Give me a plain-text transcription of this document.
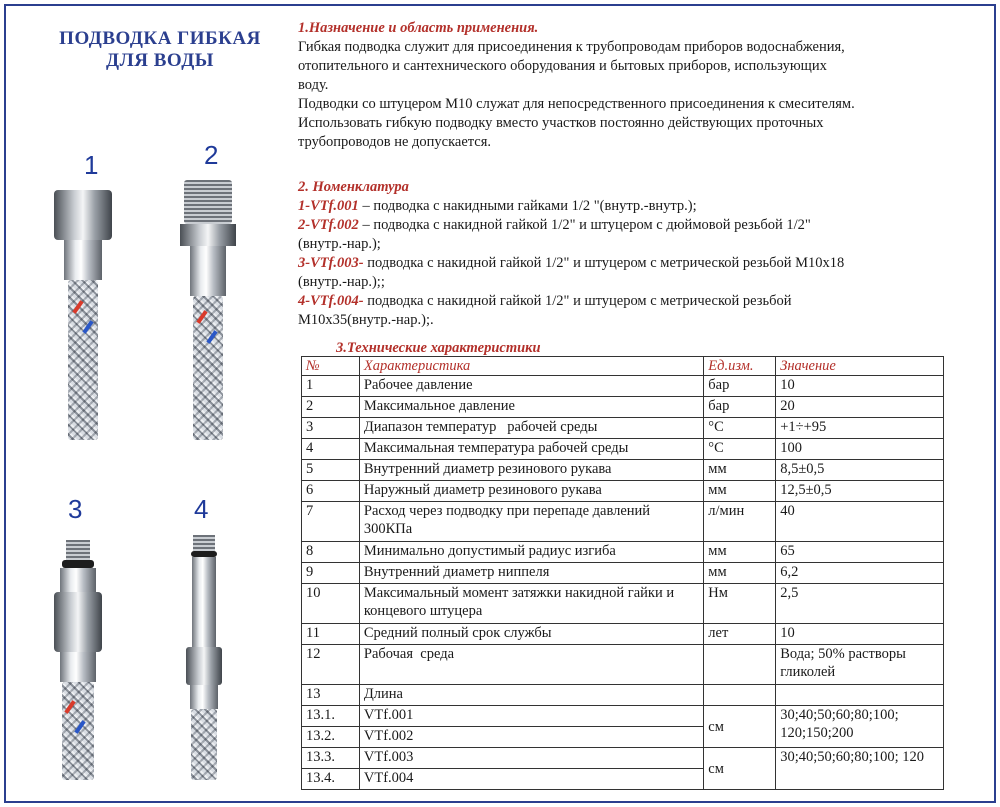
ПОДВОДКА ГИБКАЯ
ДЛЯ ВОДЫ
1	2
3	4

1.Назначение и область применения.

Гибкая подводка служит для присоединения к трубопроводам приборов водоснабжения, отопительного и сантехнического оборудования и бытовых приборов, использующих воду.

Подводки со штуцером М10 служат для непосредственного присоединения к смесителям.

Использовать гибкую подводку вместо участков постоянно действующих проточных трубопроводов не допускается.

2. Номенклатура

1-VTf.001 – подводка с накидными гайками 1/2 "(внутр.-внутр.);

2-VTf.002 – подводка с накидной гайкой 1/2" и штуцером с дюймовой резьбой 1/2" (внутр.-нар.);

3-VTf.003- подводка с накидной гайкой 1/2" и штуцером с метрической резьбой М10х18 (внутр.-нар.);;

4-VTf.004- подводка с накидной гайкой 1/2" и штуцером с метрической резьбой М10х35(внутр.-нар.);.

3.Технические характеристики
№	Характеристика	Ед.изм.	Значение
1	Рабочее давление	бар	10
2	Максимальное давление	бар	20
3	Диапазон температур   рабочей среды	°С	+1÷+95
4	Максимальная температура рабочей среды	°С	100
5	Внутренний диаметр резинового рукава	мм	8,5±0,5
6	Наружный диаметр резинового рукава	мм	12,5±0,5
7	Расход через подводку при перепаде давлений 300КПа	л/мин	40
8	Минимально допустимый радиус изгиба	мм	65
9	Внутренний диаметр ниппеля	мм	6,2
10	Максимальный момент затяжки накидной гайки и концевого штуцера	Нм	2,5
11	Средний полный срок службы	лет	10
12	Рабочая  среда		Вода; 50% растворы гликолей
13	Длина		
13.1.	VTf.001	см	30;40;50;60;80;100; 120;150;200
13.2.	VTf.002		
13.3.	VTf.003	см	30;40;50;60;80;100; 120
13.4.	VTf.004		
